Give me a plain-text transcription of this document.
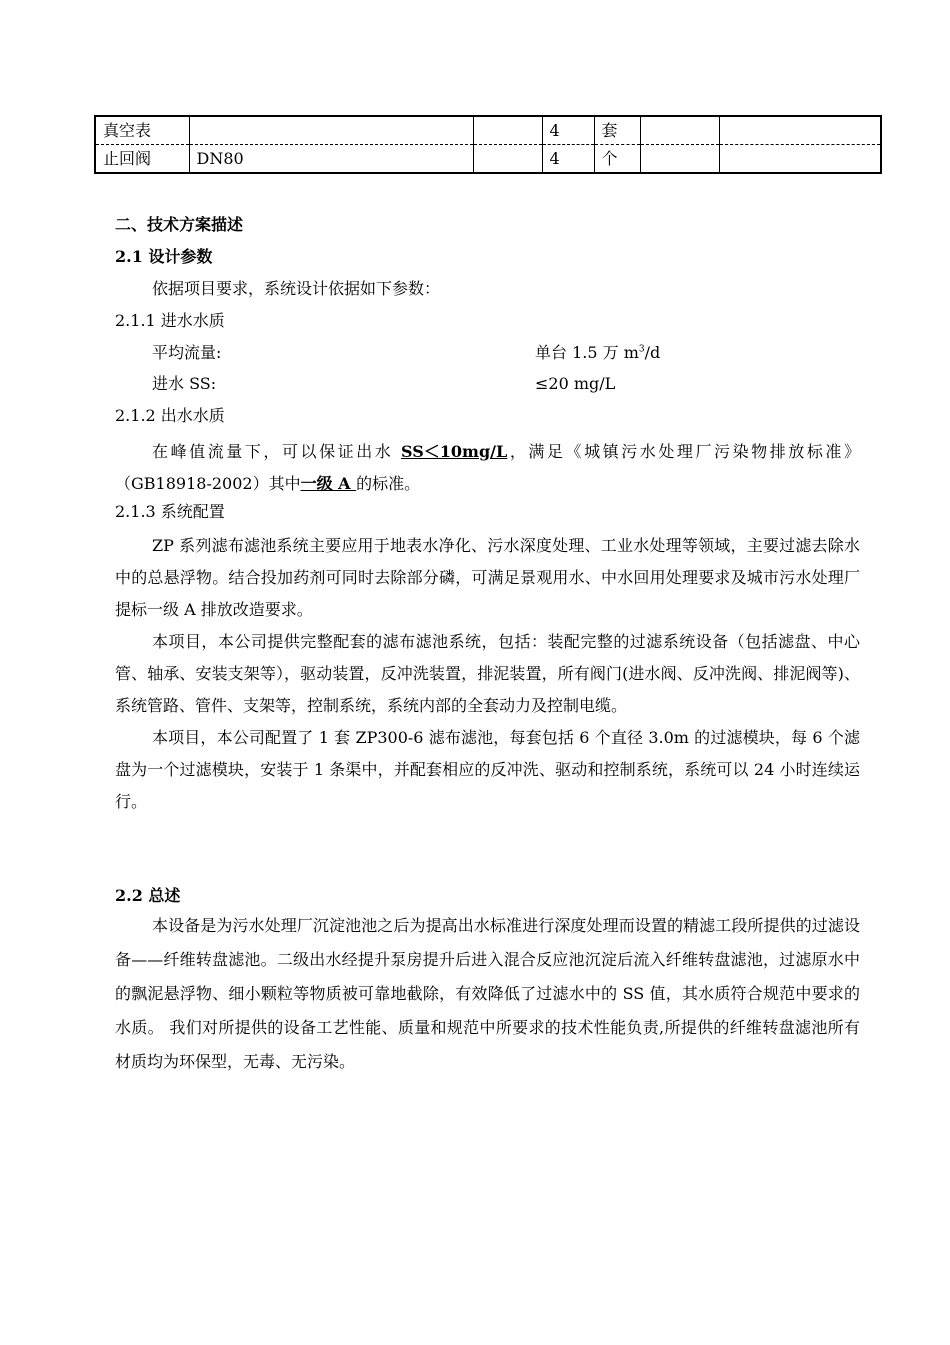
真空表			4	套		
止回阀	DN80		4	个		
二、技术方案描述
2.1 设计参数
依据项目要求，系统设计依据如下参数：
2.1.1 进水水质
平均流量:	单台 1.5 万 $m^3/d$
进水 SS:	≤20 mg/L
2.1.2 出水水质

在峰值流量下，可以保证出水 SS＜10mg/L，满足《城镇污水处理厂污染物排放标准》（GB18918-2002）其中一级 A 的标准。

2.1.3 系统配置

ZP 系列滤布滤池系统主要应用于地表水净化、污水深度处理、工业水处理等领域，主要过滤去除水中的总悬浮物。结合投加药剂可同时去除部分磷，可满足景观用水、中水回用处理要求及城市污水处理厂提标一级 A 排放改造要求。

本项目，本公司提供完整配套的滤布滤池系统，包括：装配完整的过滤系统设备（包括滤盘、中心管、轴承、安装支架等），驱动装置，反冲洗装置，排泥装置，所有阀门(进水阀、反冲洗阀、排泥阀等)、系统管路、管件、支架等，控制系统，系统内部的全套动力及控制电缆。

本项目，本公司配置了 1 套 ZP300-6 滤布滤池，每套包括 6 个直径 3.0m 的过滤模块，每 6 个滤盘为一个过滤模块，安装于 1 条渠中，并配套相应的反冲洗、驱动和控制系统，系统可以 24 小时连续运行。

2.2 总述

本设备是为污水处理厂沉淀池池之后为提高出水标准进行深度处理而设置的精滤工段所提供的过滤设备——纤维转盘滤池。二级出水经提升泵房提升后进入混合反应池沉淀后流入纤维转盘滤池，过滤原水中的飘泥悬浮物、细小颗粒等物质被可靠地截除，有效降低了过滤水中的 SS 值，其水质符合规范中要求的水质。 我们对所提供的设备工艺性能、质量和规范中所要求的技术性能负责,所提供的纤维转盘滤池所有材质均为环保型，无毒、无污染。
